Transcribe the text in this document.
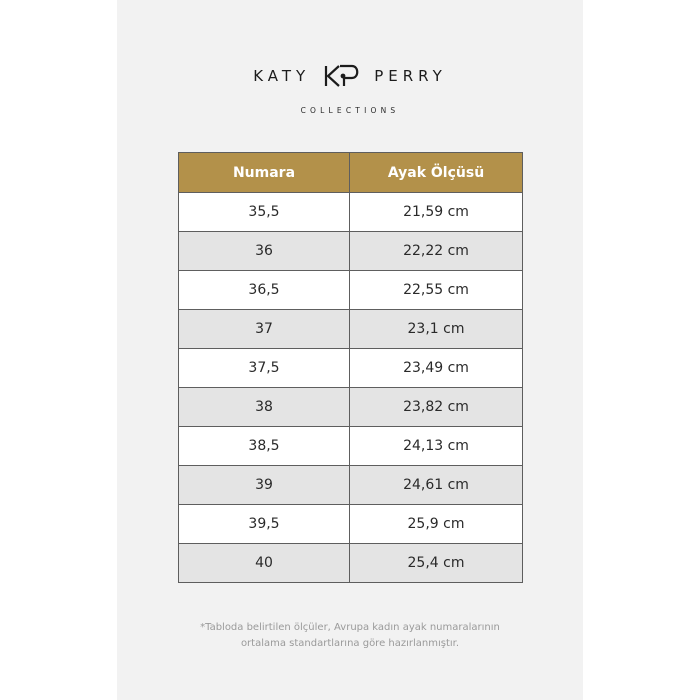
KATY	PERRY
COLLECTIONS
Numara	Ayak Ölçüsü
35,5	21,59 cm
36	22,22 cm
36,5	22,55 cm
37	23,1 cm
37,5	23,49 cm
38	23,82 cm
38,5	24,13 cm
39	24,61 cm
39,5	25,9 cm
40	25,4 cm
*Tabloda belirtilen ölçüler, Avrupa kadın ayak numaralarının
ortalama standartlarına göre hazırlanmıştır.
